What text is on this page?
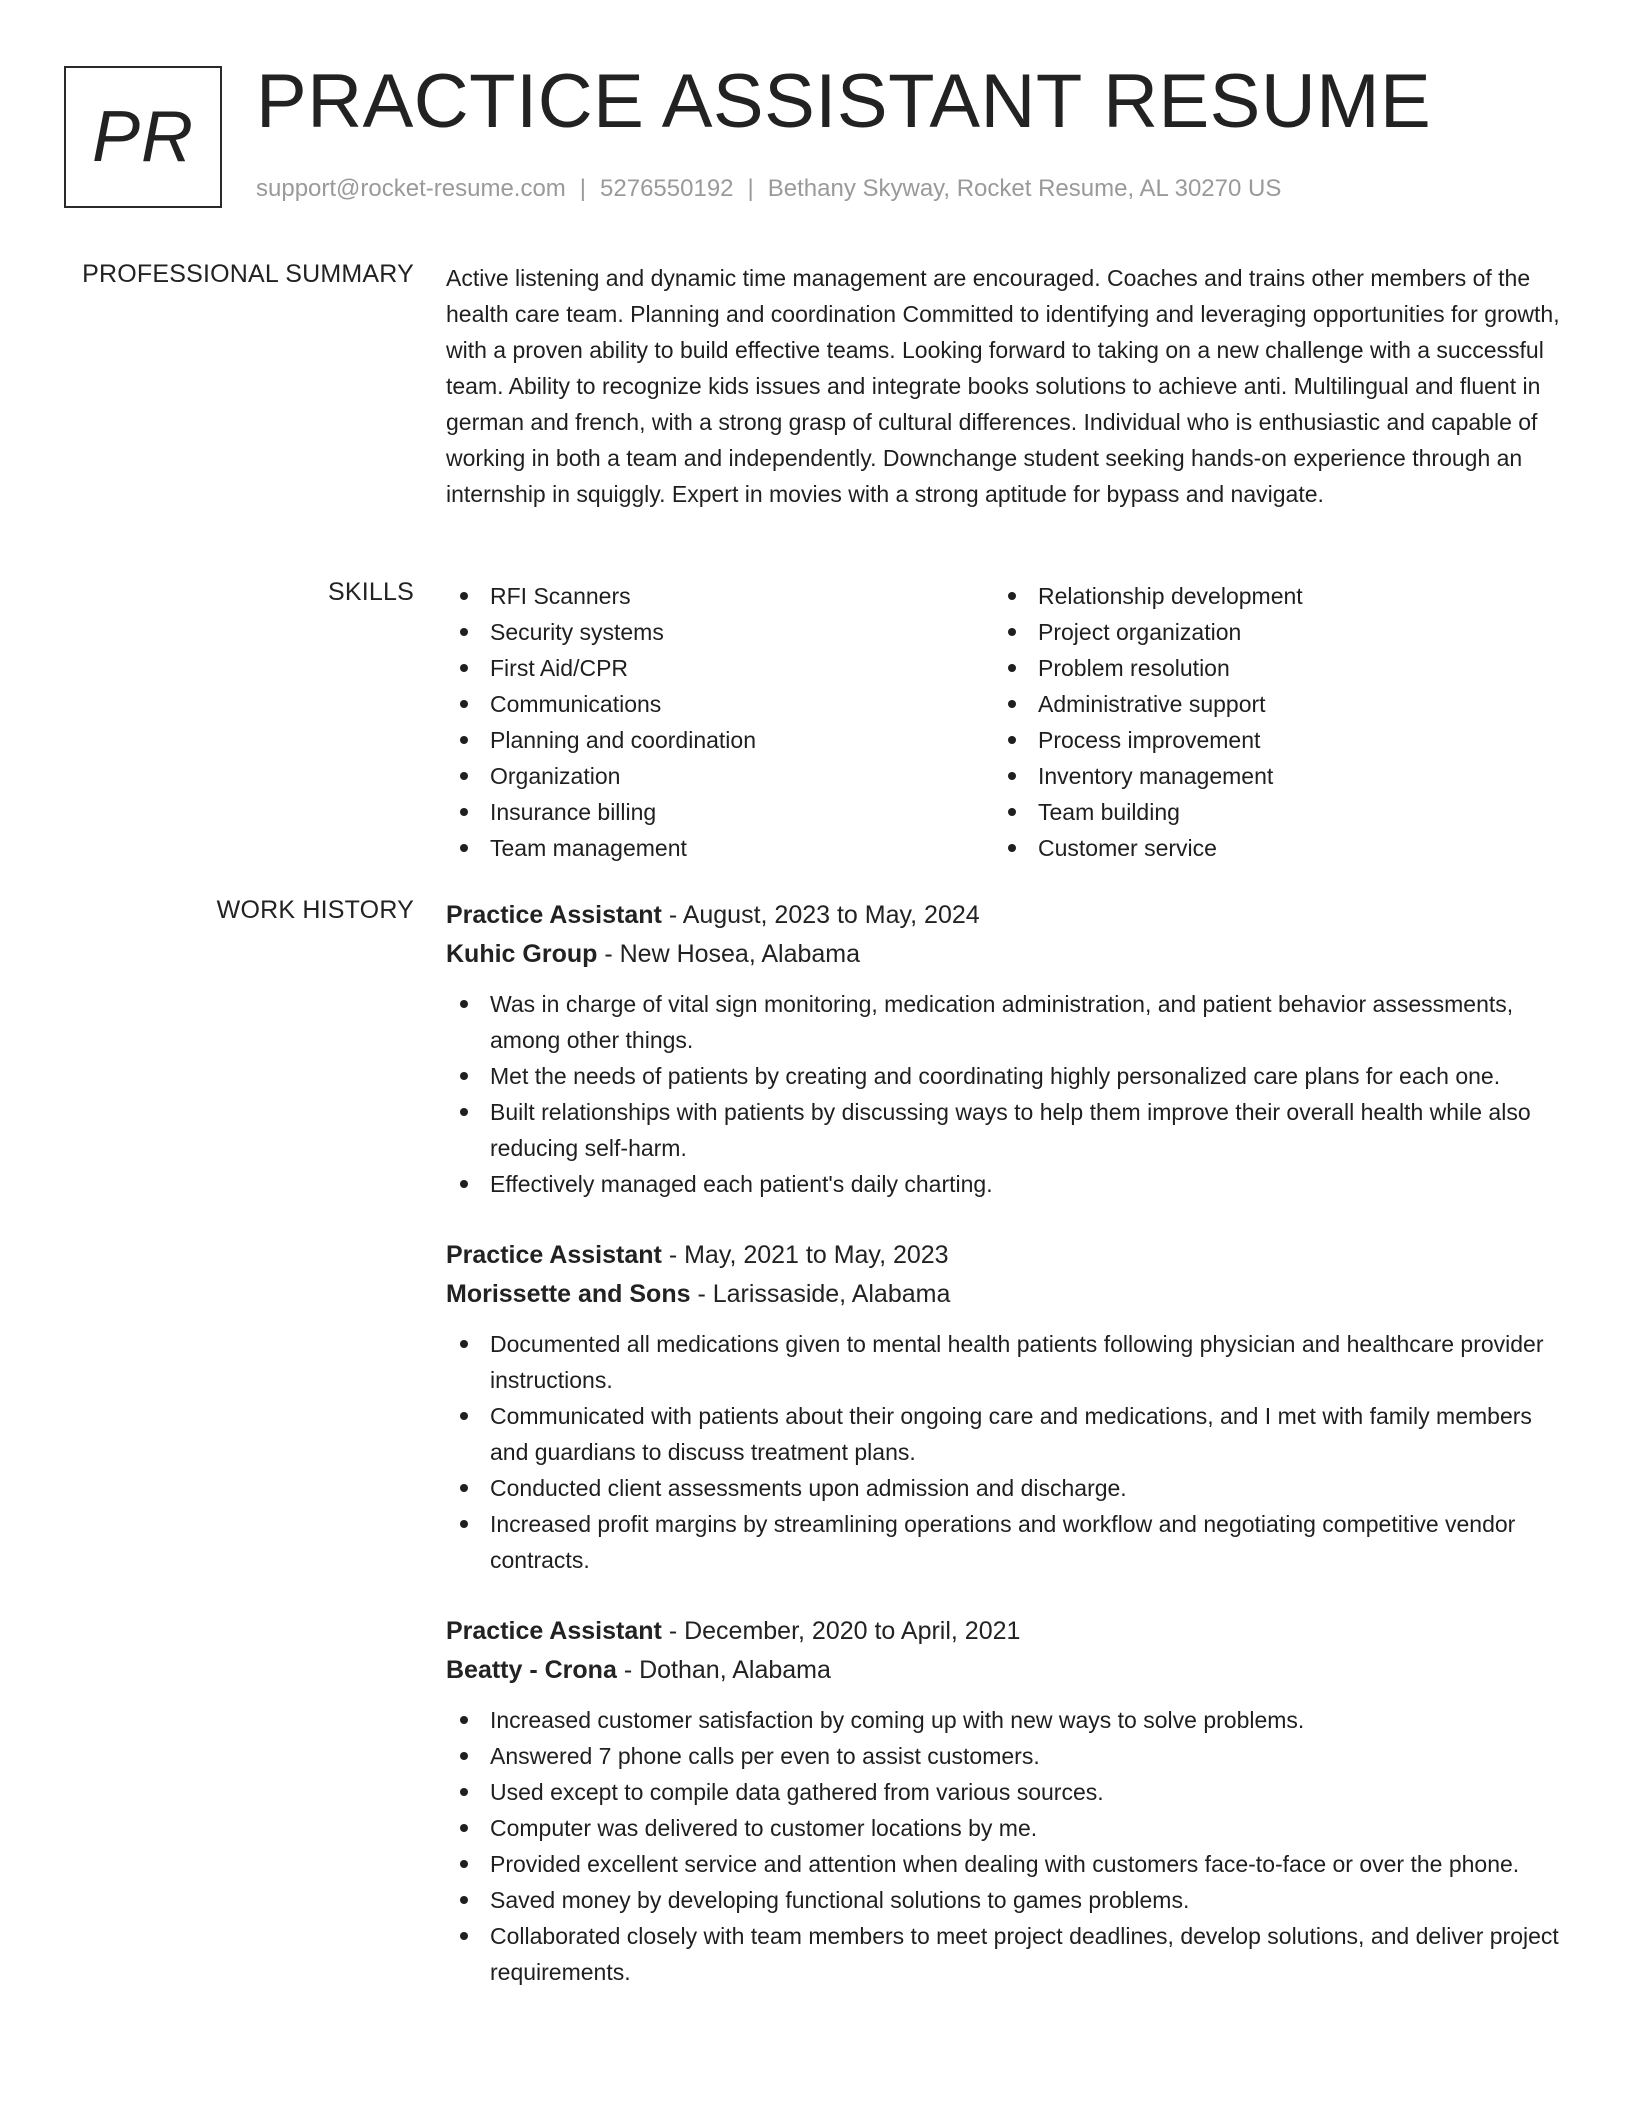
PR PRACTICE ASSISTANT RESUME
support@rocket-resume.com | 5276550192 | Bethany Skyway, Rocket Resume, AL 30270 US
PROFESSIONAL SUMMARY Active listening and dynamic time management are encouraged. Coaches and trains other members of the health care team. Planning and coordination Committed to identifying and leveraging opportunities for growth, with a proven ability to build effective teams. Looking forward to taking on a new challenge with a successful team. Ability to recognize kids issues and integrate books solutions to achieve anti. Multilingual and fluent in german and french, with a strong grasp of cultural differences. Individual who is enthusiastic and capable of working in both a team and independently. Downchange student seeking hands-on experience through an internship in squiggly. Expert in movies with a strong aptitude for bypass and navigate.

SKILLS	RFI Scanners
Security systems
First Aid/CPR
Communications
Planning and coordination
Organization
Insurance billing
Team management
Relationship development
Project organization
Problem resolution
Administrative support
Process improvement
Inventory management
Team building
Customer service
WORK HISTORY Practice Assistant - August, 2023 to May, 2024
Kuhic Group - New Hosea, Alabama
Was in charge of vital sign monitoring, medication administration, and patient behavior assessments, among other things.
Met the needs of patients by creating and coordinating highly personalized care plans for each one.
Built relationships with patients by discussing ways to help them improve their overall health while also reducing self-harm.
Effectively managed each patient's daily charting.
Practice Assistant - May, 2021 to May, 2023
Morissette and Sons - Larissaside, Alabama
Documented all medications given to mental health patients following physician and healthcare provider instructions.
Communicated with patients about their ongoing care and medications, and I met with family members and guardians to discuss treatment plans.
Conducted client assessments upon admission and discharge.
Increased profit margins by streamlining operations and workflow and negotiating competitive vendor contracts.
Practice Assistant - December, 2020 to April, 2021
Beatty - Crona - Dothan, Alabama
Increased customer satisfaction by coming up with new ways to solve problems.
Answered 7 phone calls per even to assist customers.
Used except to compile data gathered from various sources.
Computer was delivered to customer locations by me.
Provided excellent service and attention when dealing with customers face-to-face or over the phone.
Saved money by developing functional solutions to games problems.
Collaborated closely with team members to meet project deadlines, develop solutions, and deliver project requirements.
